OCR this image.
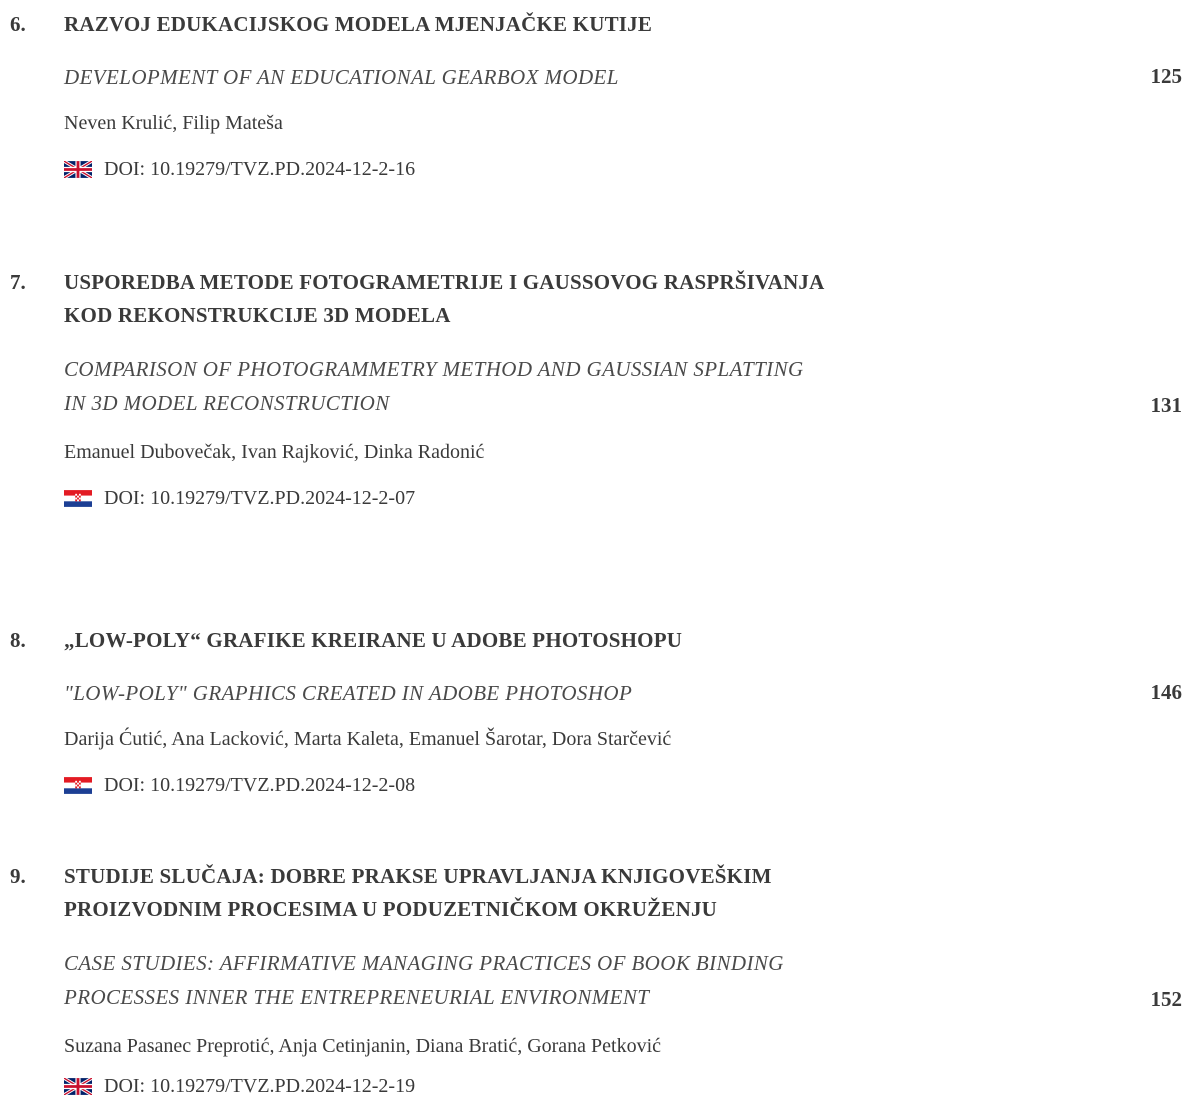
6. RAZVOJ EDUKACIJSKOG MODELA MJENJAČKE KUTIJE
DEVELOPMENT OF AN EDUCATIONAL GEARBOX MODEL	125
Neven Krulić, Filip Mateša
DOI: 10.19279/TVZ.PD.2024-12-2-16
7. USPOREDBA METODE FOTOGRAMETRIJE I GAUSSOVOG RASPRŠIVANJA
KOD REKONSTRUKCIJE 3D MODELA
COMPARISON OF PHOTOGRAMMETRY METHOD AND GAUSSIAN SPLATTING
IN 3D MODEL RECONSTRUCTION	131
Emanuel Dubovečak, Ivan Rajković, Dinka Radonić
DOI: 10.19279/TVZ.PD.2024-12-2-07
8. „LOW-POLY“ GRAFIKE KREIRANE U ADOBE PHOTOSHOPU
"LOW-POLY" GRAPHICS CREATED IN ADOBE PHOTOSHOP	146
Darija Ćutić, Ana Lacković, Marta Kaleta, Emanuel Šarotar, Dora Starčević
DOI: 10.19279/TVZ.PD.2024-12-2-08
9. STUDIJE SLUČAJA: DOBRE PRAKSE UPRAVLJANJA KNJIGOVEŠKIM
PROIZVODNIM PROCESIMA U PODUZETNIČKOM OKRUŽENJU
CASE STUDIES: AFFIRMATIVE MANAGING PRACTICES OF BOOK BINDING
PROCESSES INNER THE ENTREPRENEURIAL ENVIRONMENT	152
Suzana Pasanec Preprotić, Anja Cetinjanin, Diana Bratić, Gorana Petković
DOI: 10.19279/TVZ.PD.2024-12-2-19
